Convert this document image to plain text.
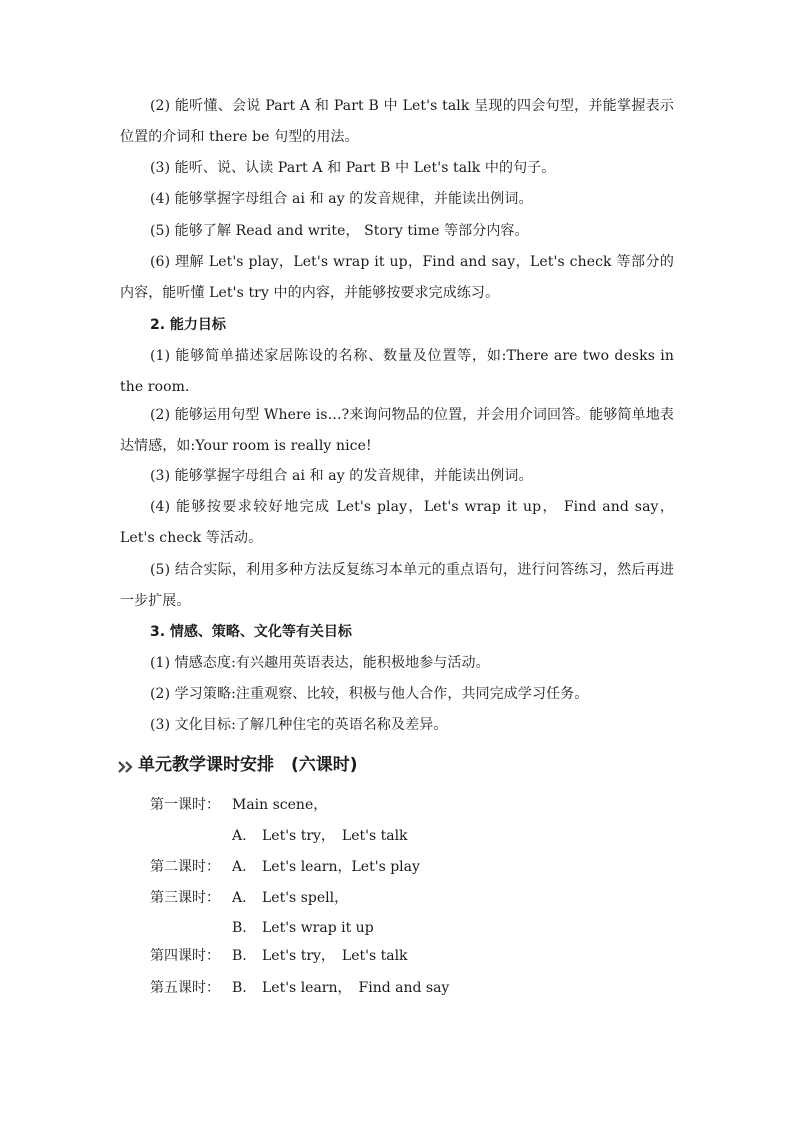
(2) 能听懂、会说 Part A 和 Part B 中 Let's talk 呈现的四会句型，并能掌握表示位置的介词和 there be 句型的用法。

(3) 能听、说、认读 Part A 和 Part B 中 Let's talk 中的句子。

(4) 能够掌握字母组合 ai 和 ay 的发音规律，并能读出例词。

(5) 能够了解 Read and write， Story time 等部分内容。

(6) 理解 Let's play，Let's wrap it up，Find and say，Let's check 等部分的内容，能听懂 Let's try 中的内容，并能够按要求完成练习。

2. 能力目标

(1) 能够简单描述家居陈设的名称、数量及位置等，如:There are two desks in the room.

(2) 能够运用句型 Where is…?来询问物品的位置，并会用介词回答。能够简单地表达情感，如:Your room is really nice!

(3) 能够掌握字母组合 ai 和 ay 的发音规律，并能读出例词。

(4) 能够按要求较好地完成 Let's play，Let's wrap it up， Find and say，Let's check 等活动。

(5) 结合实际，利用多种方法反复练习本单元的重点语句，进行问答练习，然后再进一步扩展。

3. 情感、策略、文化等有关目标

(1) 情感态度:有兴趣用英语表达，能积极地参与活动。

(2) 学习策略:注重观察、比较，积极与他人合作，共同完成学习任务。

(3) 文化目标:了解几种住宅的英语名称及差异。

单元教学课时安排　(六课时)
第一课时： Main scene，
A. Let's try，　Let's talk
第二课时： A. Let's learn，Let's play
第三课时： A. Let's spell，
B. Let's wrap it up
第四课时： B. Let's try，　Let's talk
第五课时： B. Let's learn，　Find and say
